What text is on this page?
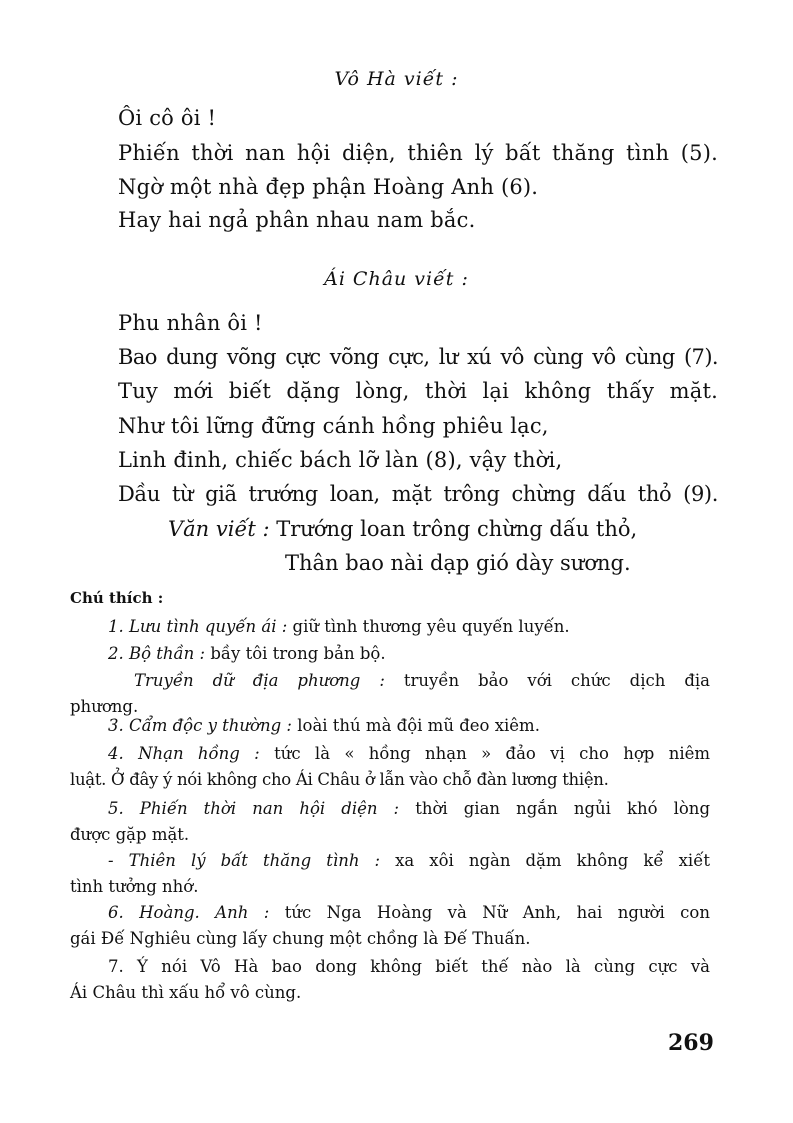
Vô Hà viết :
Ôi cô ôi !
Phiến thời nan hội diện, thiên lý bất thăng tình (5).
Ngờ một nhà đẹp phận Hoàng Anh (6).
Hay hai ngả phân nhau nam bắc.
Ái Châu viết :
Phu nhân ôi !
Bao dung võng cực võng cực, lư xú vô cùng vô cùng (7).
Tuy mới biết dặng lòng, thời lại không thấy mặt.
Như tôi lững đững cánh hồng phiêu lạc,
Linh đinh, chiếc bách lỡ làn (8), vậy thời,
Dầu từ giã trướng loan, mặt trông chừng dấu thỏ (9).
Văn viết : Trướng loan trông chừng dấu thỏ,
Thân bao nài dạp gió dày sương.
Chú thích :
1. Lưu tình quyến ái : giữ tình thương yêu quyến luyến.
2. Bộ thần : bầy tôi trong bản bộ.
Truyền dữ địa phương : truyền bảo với chức dịch địa
phương.
3. Cẩm độc y thường : loài thú mà đội mũ đeo xiêm.
4. Nhạn hồng : tức là « hồng nhạn » đảo vị cho hợp niêm
luật. Ở đây ý nói không cho Ái Châu ở lẫn vào chỗ đàn lương thiện.
5. Phiến thời nan hội diện : thời gian ngắn ngủi khó lòng
được gặp mặt.
- Thiên lý bất thăng tình : xa xôi ngàn dặm không kể xiết
tình tưởng nhớ.
6. Hoàng. Anh : tức Nga Hoàng và Nữ Anh, hai người con
gái Đế Nghiêu cùng lấy chung một chồng là Đế Thuấn.
7. Ý nói Vô Hà bao dong không biết thế nào là cùng cực và
Ái Châu thì xấu hổ vô cùng.
269
